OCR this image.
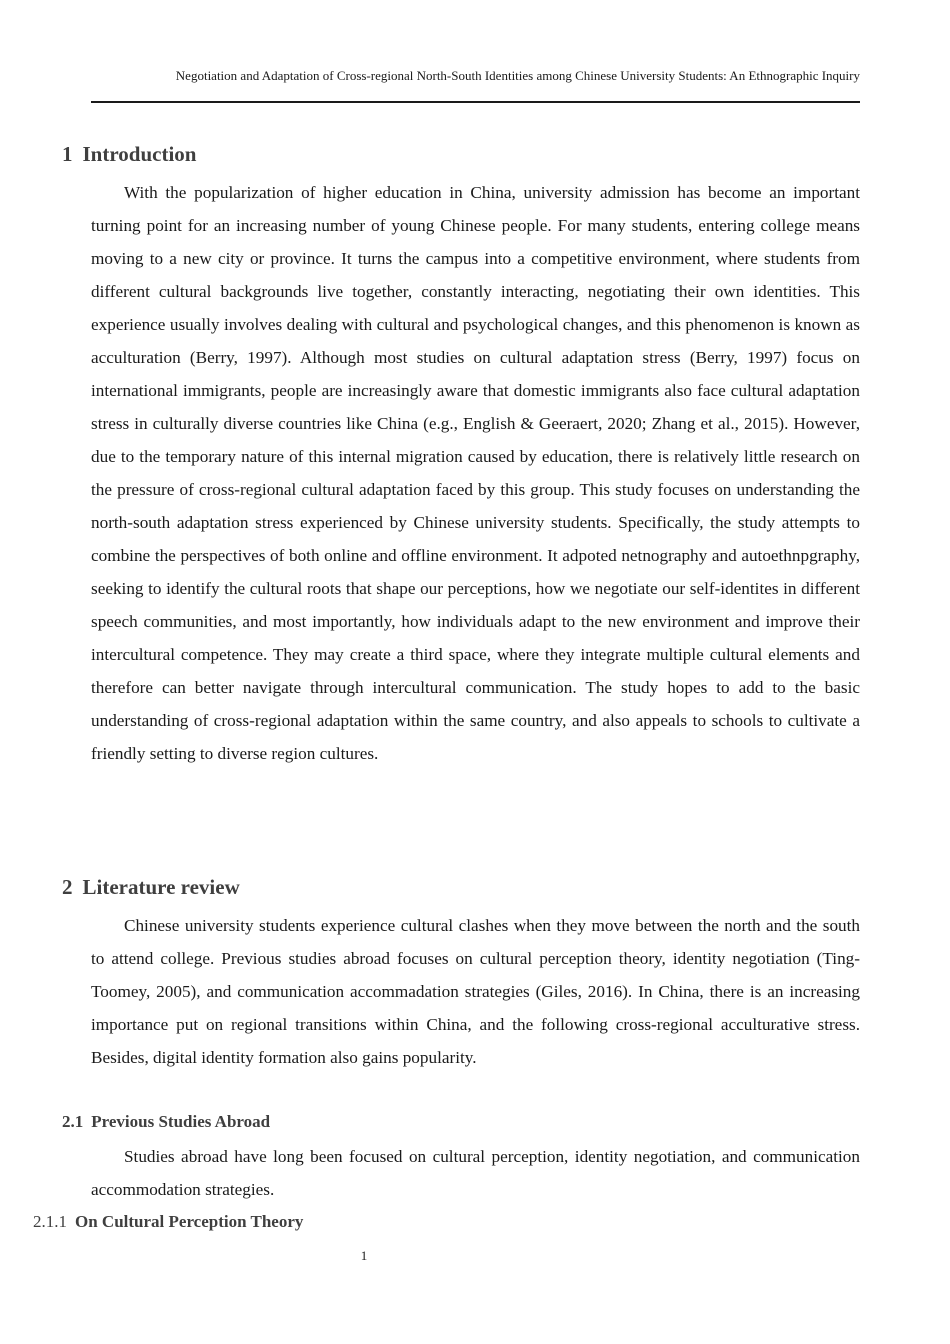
Negotiation and Adaptation of Cross-regional North-South Identities among Chinese University Students: An Ethnographic Inquiry
1 Introduction

With the popularization of higher education in China, university admission has become an important turning point for an increasing number of young Chinese people. For many students, entering college means moving to a new city or province. It turns the campus into a competitive environment, where students from different cultural backgrounds live together, constantly interacting, negotiating their own identities. This experience usually involves dealing with cultural and psychological changes, and this phenomenon is known as acculturation (Berry, 1997). Although most studies on cultural adaptation stress (Berry, 1997) focus on international immigrants, people are increasingly aware that domestic immigrants also face cultural adaptation stress in culturally diverse countries like China (e.g., English & Geeraert, 2020; Zhang et al., 2015). However, due to the temporary nature of this internal migration caused by education, there is relatively little research on the pressure of cross-regional cultural adaptation faced by this group. This study focuses on understanding the north-south adaptation stress experienced by Chinese university students. Specifically, the study attempts to combine the perspectives of both online and offline environment. It adpoted netnography and autoethnpgraphy, seeking to identify the cultural roots that shape our perceptions, how we negotiate our self-identites in different speech communities, and most importantly, how individuals adapt to the new environment and improve their intercultural competence. They may create a third space, where they integrate multiple cultural elements and therefore can better navigate through intercultural communication. The study hopes to add to the basic understanding of cross-regional adaptation within the same country, and also appeals to schools to cultivate a friendly setting to diverse region cultures.

2 Literature review

Chinese university students experience cultural clashes when they move between the north and the south to attend college. Previous studies abroad focuses on cultural perception theory, identity negotiation (Ting-Toomey, 2005), and communication accommadation strategies (Giles, 2016). In China, there is an increasing importance put on regional transitions within China, and the following cross-regional acculturative stress. Besides, digital identity formation also gains popularity.

2.1 Previous Studies Abroad

Studies abroad have long been focused on cultural perception, identity negotiation, and communication accommodation strategies.

2.1.1 On Cultural Perception Theory
1
